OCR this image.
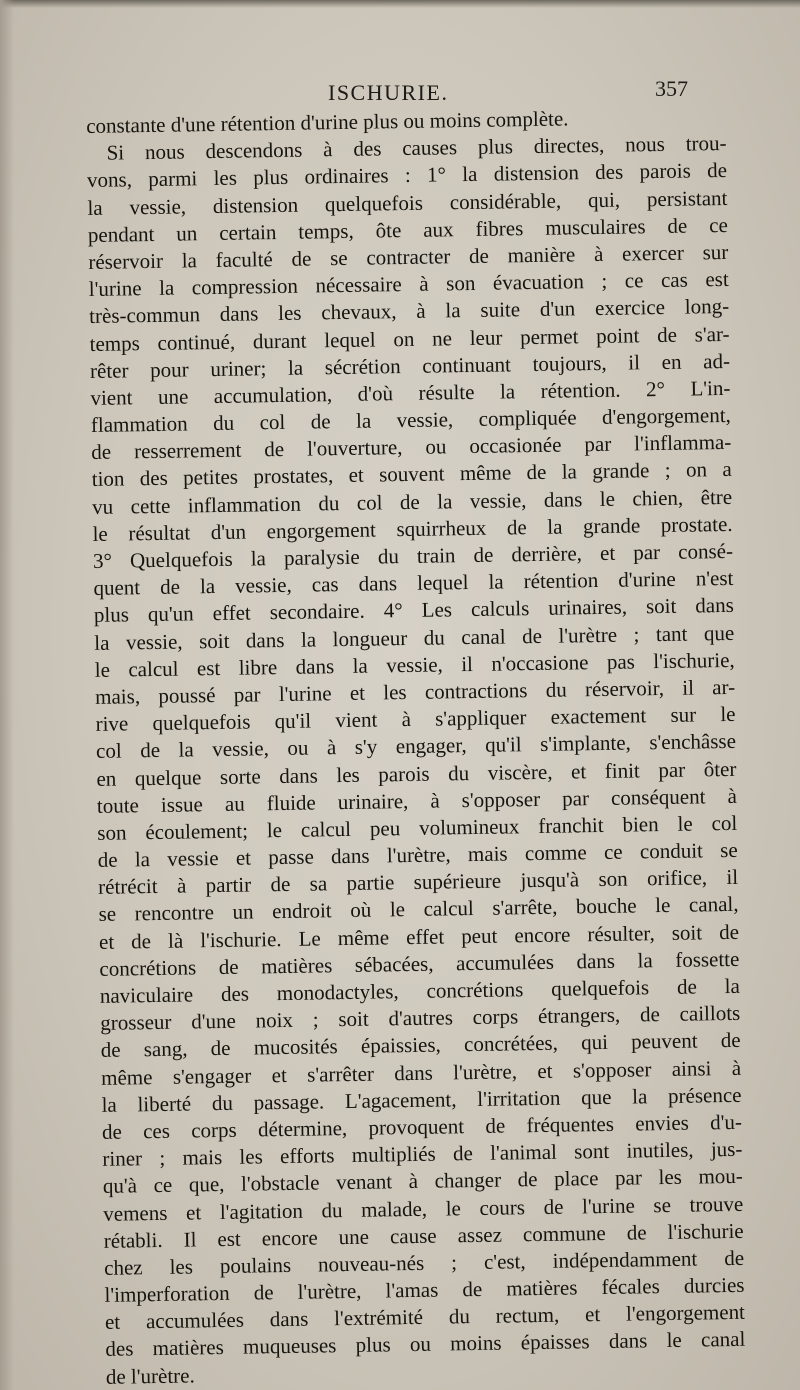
ISCHURIE.	357
constante d'une rétention d'urine plus ou moins complète.
Si nous descendons à des causes plus directes, nous trou-
vons, parmi les plus ordinaires : 1° la distension des parois de
la vessie, distension quelquefois considérable, qui, persistant
pendant un certain temps, ôte aux fibres musculaires de ce
réservoir la faculté de se contracter de manière à exercer sur
l'urine la compression nécessaire à son évacuation ; ce cas est
très-commun dans les chevaux, à la suite d'un exercice long-
temps continué, durant lequel on ne leur permet point de s'ar-
rêter pour uriner; la sécrétion continuant toujours, il en ad-
vient une accumulation, d'où résulte la rétention. 2° L'in-
flammation du col de la vessie, compliquée d'engorgement,
de resserrement de l'ouverture, ou occasionée par l'inflamma-
tion des petites prostates, et souvent même de la grande ; on a
vu cette inflammation du col de la vessie, dans le chien, être
le résultat d'un engorgement squirrheux de la grande prostate.
3° Quelquefois la paralysie du train de derrière, et par consé-
quent de la vessie, cas dans lequel la rétention d'urine n'est
plus qu'un effet secondaire. 4° Les calculs urinaires, soit dans
la vessie, soit dans la longueur du canal de l'urètre ; tant que
le calcul est libre dans la vessie, il n'occasione pas l'ischurie,
mais, poussé par l'urine et les contractions du réservoir, il ar-
rive quelquefois qu'il vient à s'appliquer exactement sur le
col de la vessie, ou à s'y engager, qu'il s'implante, s'enchâsse
en quelque sorte dans les parois du viscère, et finit par ôter
toute issue au fluide urinaire, à s'opposer par conséquent à
son écoulement; le calcul peu volumineux franchit bien le col
de la vessie et passe dans l'urètre, mais comme ce conduit se
rétrécit à partir de sa partie supérieure jusqu'à son orifice, il
se rencontre un endroit où le calcul s'arrête, bouche le canal,
et de là l'ischurie. Le même effet peut encore résulter, soit de
concrétions de matières sébacées, accumulées dans la fossette
naviculaire des monodactyles, concrétions quelquefois de la
grosseur d'une noix ; soit d'autres corps étrangers, de caillots
de sang, de mucosités épaissies, concrétées, qui peuvent de
même s'engager et s'arrêter dans l'urètre, et s'opposer ainsi à
la liberté du passage. L'agacement, l'irritation que la présence
de ces corps détermine, provoquent de fréquentes envies d'u-
riner ; mais les efforts multipliés de l'animal sont inutiles, jus-
qu'à ce que, l'obstacle venant à changer de place par les mou-
vemens et l'agitation du malade, le cours de l'urine se trouve
rétabli. Il est encore une cause assez commune de l'ischurie
chez les poulains nouveau-nés ; c'est, indépendamment de
l'imperforation de l'urètre, l'amas de matières fécales durcies
et accumulées dans l'extrémité du rectum, et l'engorgement
des matières muqueuses plus ou moins épaisses dans le canal
de l'urètre.
